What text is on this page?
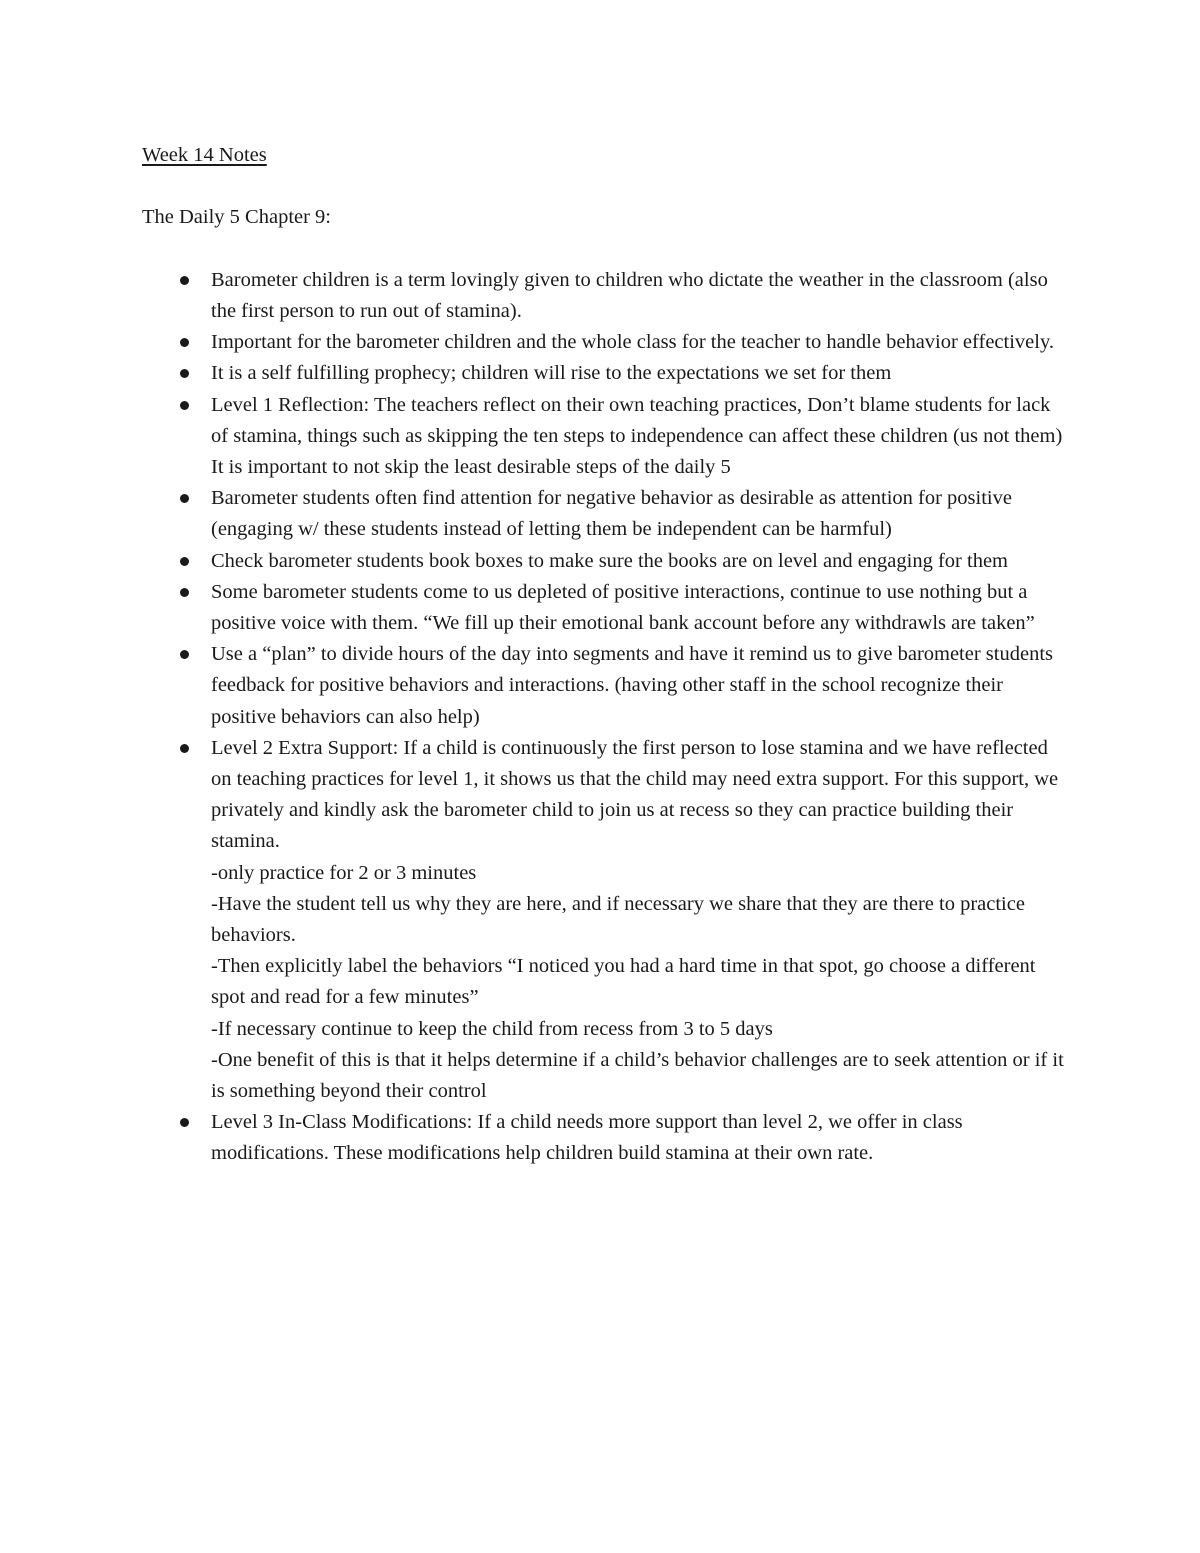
Week 14 Notes

The Daily 5 Chapter 9:

Barometer children is a term lovingly given to children who dictate the weather in the classroom (also the first person to run out of stamina).
Important for the barometer children and the whole class for the teacher to handle behavior effectively.
It is a self fulfilling prophecy; children will rise to the expectations we set for them
Level 1 Reflection: The teachers reflect on their own teaching practices, Don’t blame students for lack of stamina, things such as skipping the ten steps to independence can affect these children (us not them) It is important to not skip the least desirable steps of the daily 5
Barometer students often find attention for negative behavior as desirable as attention for positive (engaging w/ these students instead of letting them be independent can be harmful)
Check barometer students book boxes to make sure the books are on level and engaging for them
Some barometer students come to us depleted of positive interactions, continue to use nothing but a positive voice with them. “We fill up their emotional bank account before any withdrawls are taken”
Use a “plan” to divide hours of the day into segments and have it remind us to give barometer students feedback for positive behaviors and interactions. (having other staff in the school recognize their positive behaviors can also help)
Level 2 Extra Support: If a child is continuously the first person to lose stamina and we have reflected on teaching practices for level 1, it shows us that the child may need extra support. For this support, we privately and kindly ask the barometer child to join us at recess so they can practice building their stamina.
-only practice for 2 or 3 minutes
-Have the student tell us why they are here, and if necessary we share that they are there to practice behaviors.
-Then explicitly label the behaviors “I noticed you had a hard time in that spot, go choose a different spot and read for a few minutes”
-If necessary continue to keep the child from recess from 3 to 5 days
-One benefit of this is that it helps determine if a child’s behavior challenges are to seek attention or if it is something beyond their control
Level 3 In-Class Modifications: If a child needs more support than level 2, we offer in class modifications. These modifications help children build stamina at their own rate.
